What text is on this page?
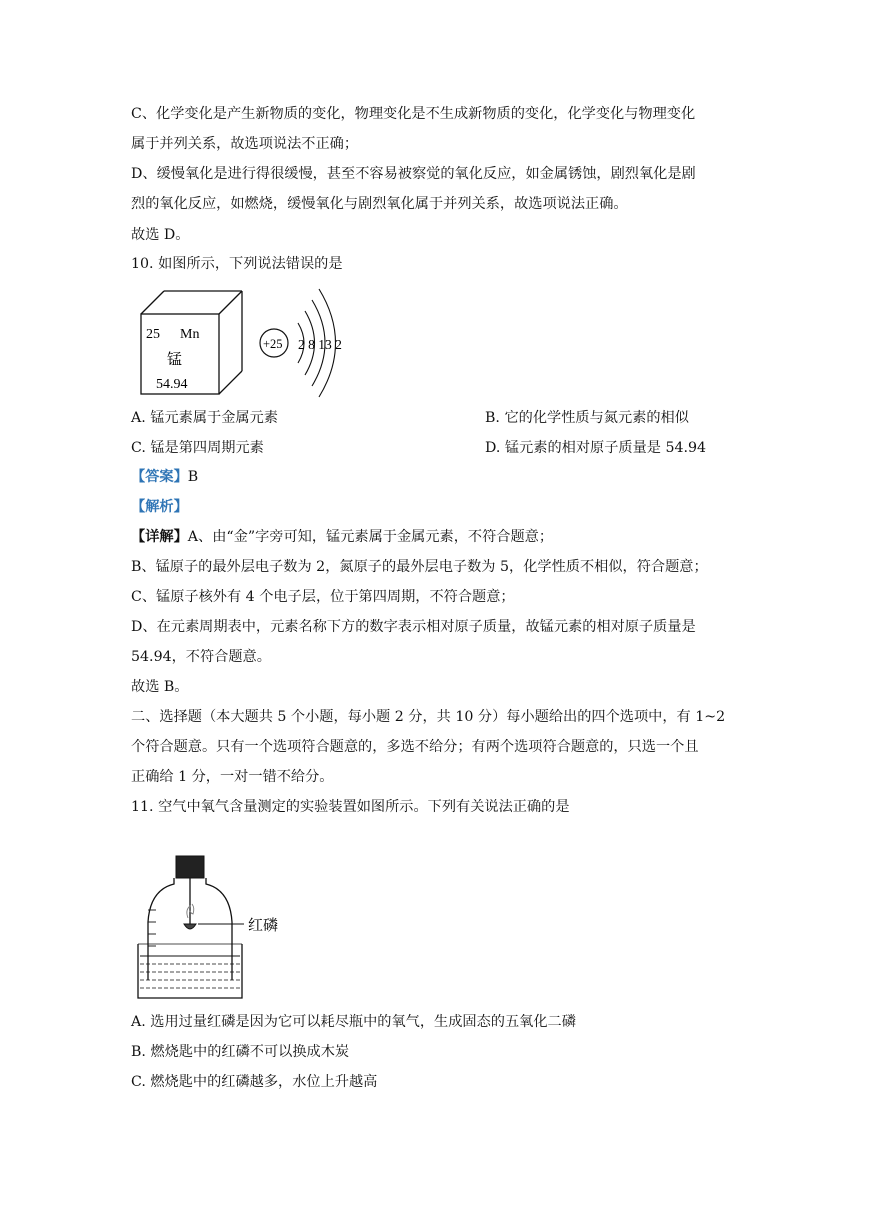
C、化学变化是产生新物质的变化，物理变化是不生成新物质的变化，化学变化与物理变化
属于并列关系，故选项说法不正确；
D、缓慢氧化是进行得很缓慢，甚至不容易被察觉的氧化反应，如金属锈蚀，剧烈氧化是剧
烈的氧化反应，如燃烧，缓慢氧化与剧烈氧化属于并列关系，故选项说法正确。
故选 D。
10. 如图所示，下列说法错误的是
25 Mn
锰
54.94
+25 2 8 13 2
A. 锰元素属于金属元素	B. 它的化学性质与氮元素的相似
C. 锰是第四周期元素	D. 锰元素的相对原子质量是 54.94
【答案】B
【解析】
【详解】A、由“金”字旁可知，锰元素属于金属元素，不符合题意；
B、锰原子的最外层电子数为 2，氮原子的最外层电子数为 5，化学性质不相似，符合题意；
C、锰原子核外有 4 个电子层，位于第四周期，不符合题意；
D、在元素周期表中，元素名称下方的数字表示相对原子质量，故锰元素的相对原子质量是
54.94，不符合题意。
故选 B。
二、选择题（本大题共 5 个小题，每小题 2 分，共 10 分）每小题给出的四个选项中，有 1~2
个符合题意。只有一个选项符合题意的，多选不给分；有两个选项符合题意的，只选一个且
正确给 1 分，一对一错不给分。
11. 空气中氧气含量测定的实验装置如图所示。下列有关说法正确的是
红磷
A. 选用过量红磷是因为它可以耗尽瓶中的氧气，生成固态的五氧化二磷
B. 燃烧匙中的红磷不可以换成木炭
C. 燃烧匙中的红磷越多，水位上升越高
